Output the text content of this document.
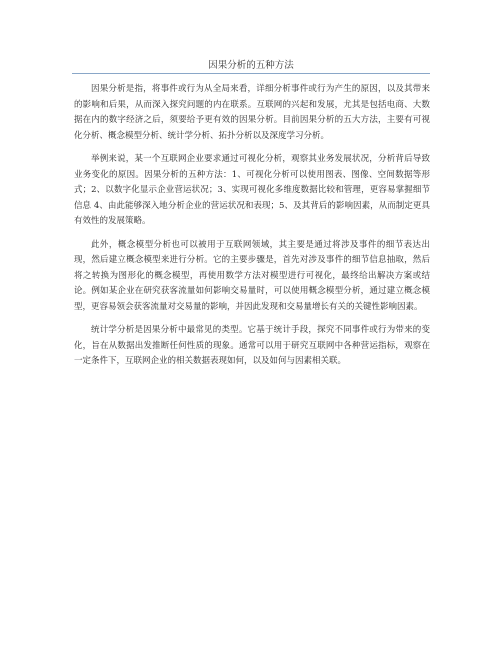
因果分析的五种方法

因果分析是指，将事件或行为从全局来看，详细分析事件或行为产生的原因，以及其带来的影响和后果，从而深入探究问题的内在联系。互联网的兴起和发展，尤其是包括电商、大数据在内的数字经济之后，须要给予更有效的因果分析。目前因果分析的五大方法，主要有可视化分析、概念模型分析、统计学分析、拓扑分析以及深度学习分析。

举例来说，某一个互联网企业要求通过可视化分析，观察其业务发展状况，分析背后导致业务变化的原因。因果分析的五种方法：1、可视化分析可以使用图表、图像、空间数据等形式；2、以数字化显示企业营运状况；3、实现可视化多维度数据比较和管理，更容易掌握细节信息 4、由此能够深入地分析企业的营运状况和表现；5、及其背后的影响因素，从而制定更具有效性的发展策略。

此外，概念模型分析也可以被用于互联网领域，其主要是通过将涉及事件的细节表达出现，然后建立概念模型来进行分析。它的主要步骤是，首先对涉及事件的细节信息抽取，然后将之转换为图形化的概念模型，再使用数学方法对模型进行可视化，最终给出解决方案或结论。例如某企业在研究获客流量如何影响交易量时，可以使用概念模型分析，通过建立概念模型，更容易领会获客流量对交易量的影响，并因此发现和交易量增长有关的关键性影响因素。

统计学分析是因果分析中最常见的类型。它基于统计手段，探究不同事件或行为带来的变化，旨在从数据出发推断任何性质的现象。通常可以用于研究互联网中各种营运指标，观察在一定条件下，互联网企业的相关数据表现如何，以及如何与因素相关联。
